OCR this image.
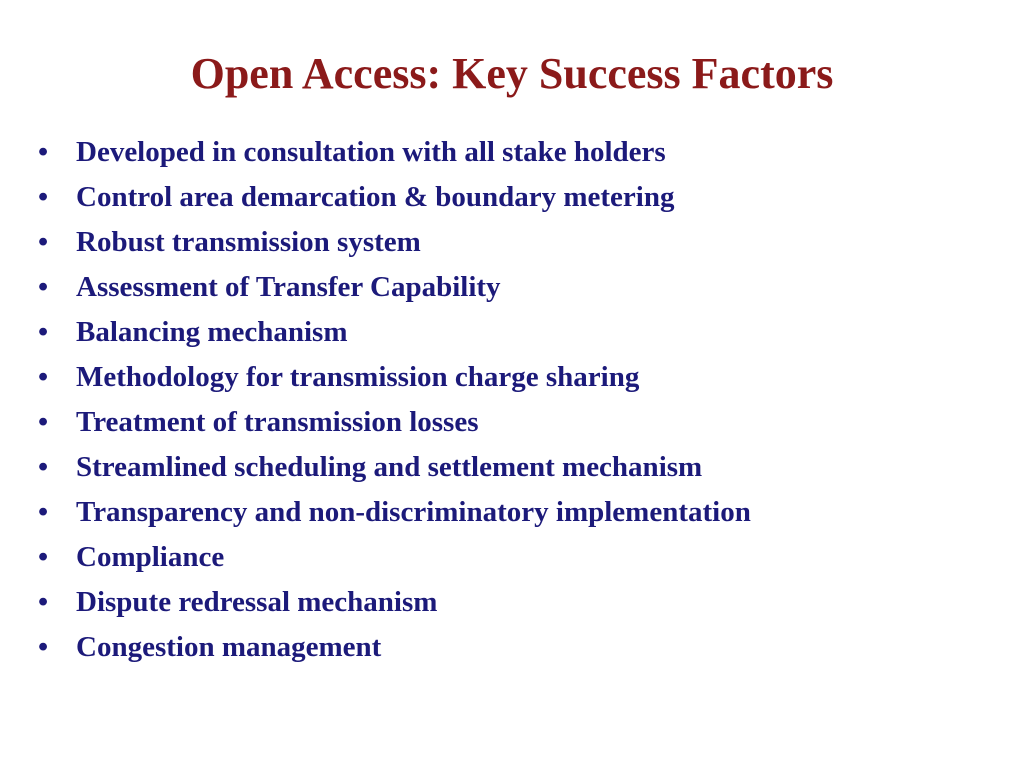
Open Access: Key Success Factors
• Developed in consultation with all stake holders
• Control area demarcation & boundary metering
• Robust transmission system
• Assessment of Transfer Capability
• Balancing mechanism
• Methodology for transmission charge sharing
• Treatment of transmission losses
• Streamlined scheduling and settlement mechanism
• Transparency and non-discriminatory implementation
• Compliance
• Dispute redressal mechanism
• Congestion management
